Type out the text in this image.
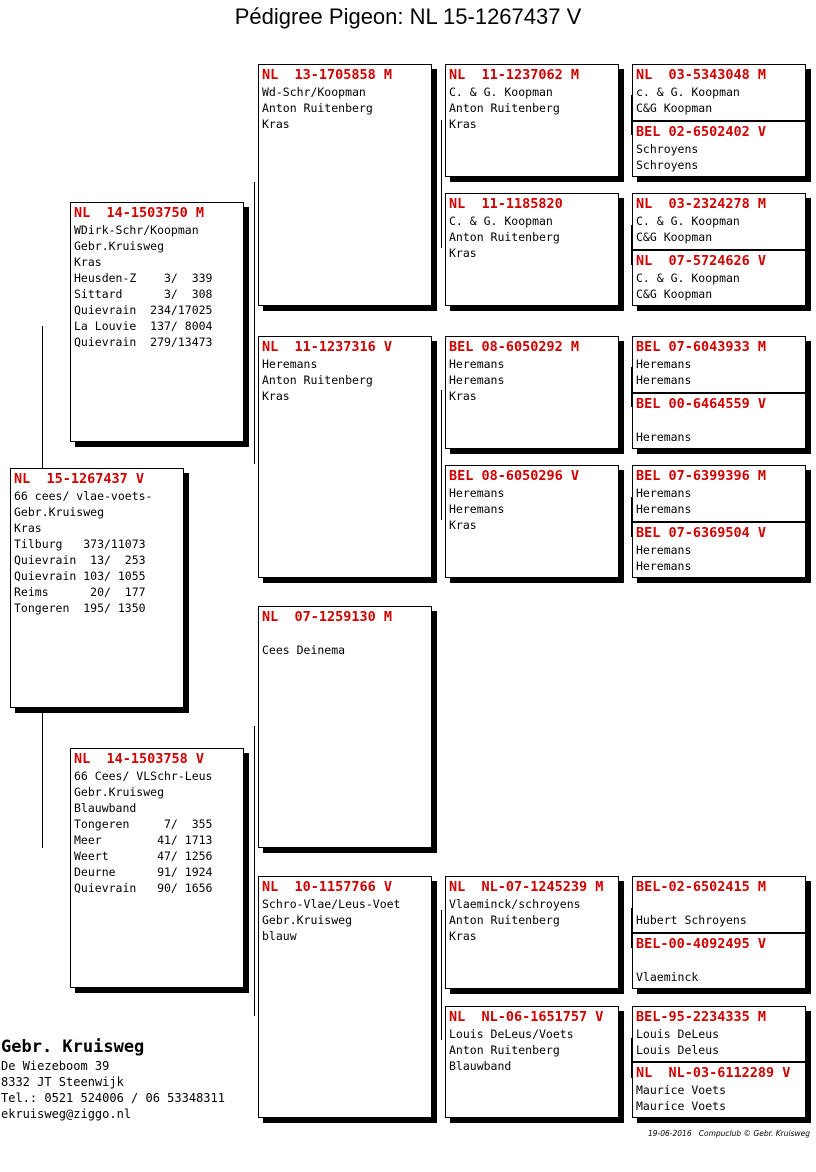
Pédigree Pigeon: NL 15-1267437 V
NL  15-1267437 V
66 cees/ vlae-voets-
Gebr.Kruisweg
Kras
Tilburg   373/11073
Quievrain  13/  253
Quievrain 103/ 1055
Reims      20/  177
Tongeren  195/ 1350
NL  14-1503750 M
WDirk-Schr/Koopman
Gebr.Kruisweg
Kras
Heusden-Z    3/  339
Sittard      3/  308
Quievrain  234/17025
La Louvie  137/ 8004
Quievrain  279/13473
NL  14-1503758 V
66 Cees/ VLSchr-Leus
Gebr.Kruisweg
Blauwband
Tongeren     7/  355
Meer        41/ 1713
Weert       47/ 1256
Deurne      91/ 1924
Quievrain   90/ 1656
NL  13-1705858 M
Wd-Schr/Koopman
Anton Ruitenberg
Kras
NL  11-1237316 V
Heremans
Anton Ruitenberg
Kras
NL  07-1259130 M

Cees Deinema
NL  10-1157766 V
Schro-Vlae/Leus-Voet
Gebr.Kruisweg
blauw
NL  11-1237062 M
C. & G. Koopman
Anton Ruitenberg
Kras
NL  11-1185820
C. & G. Koopman
Anton Ruitenberg
Kras
BEL 08-6050292 M
Heremans
Heremans
Kras
BEL 08-6050296 V
Heremans
Heremans
Kras
NL  NL-07-1245239 M
Vlaeminck/schroyens
Anton Ruitenberg
Kras
NL  NL-06-1651757 V
Louis DeLeus/Voets
Anton Ruitenberg
Blauwband
NL  03-5343048 M
c. & G. Koopman
C&G Koopman
BEL 02-6502402 V
Schroyens
Schroyens
NL  03-2324278 M
C. & G. Koopman
C&G Koopman
NL  07-5724626 V
C. & G. Koopman
C&G Koopman
BEL 07-6043933 M
Heremans
Heremans
BEL 00-6464559 V

Heremans
BEL 07-6399396 M
Heremans
Heremans
BEL 07-6369504 V
Heremans
Heremans
BEL-02-6502415 M

Hubert Schroyens
BEL-00-4092495 V

Vlaeminck
BEL-95-2234335 M
Louis DeLeus
Louis Deleus
NL  NL-03-6112289 V
Maurice Voets
Maurice Voets
Gebr. Kruisweg
De Wiezeboom 39
8332 JT Steenwijk
Tel.: 0521 524006 / 06 53348311
ekruisweg@ziggo.nl
19-06-2016   Compuclub © Gebr. Kruisweg
